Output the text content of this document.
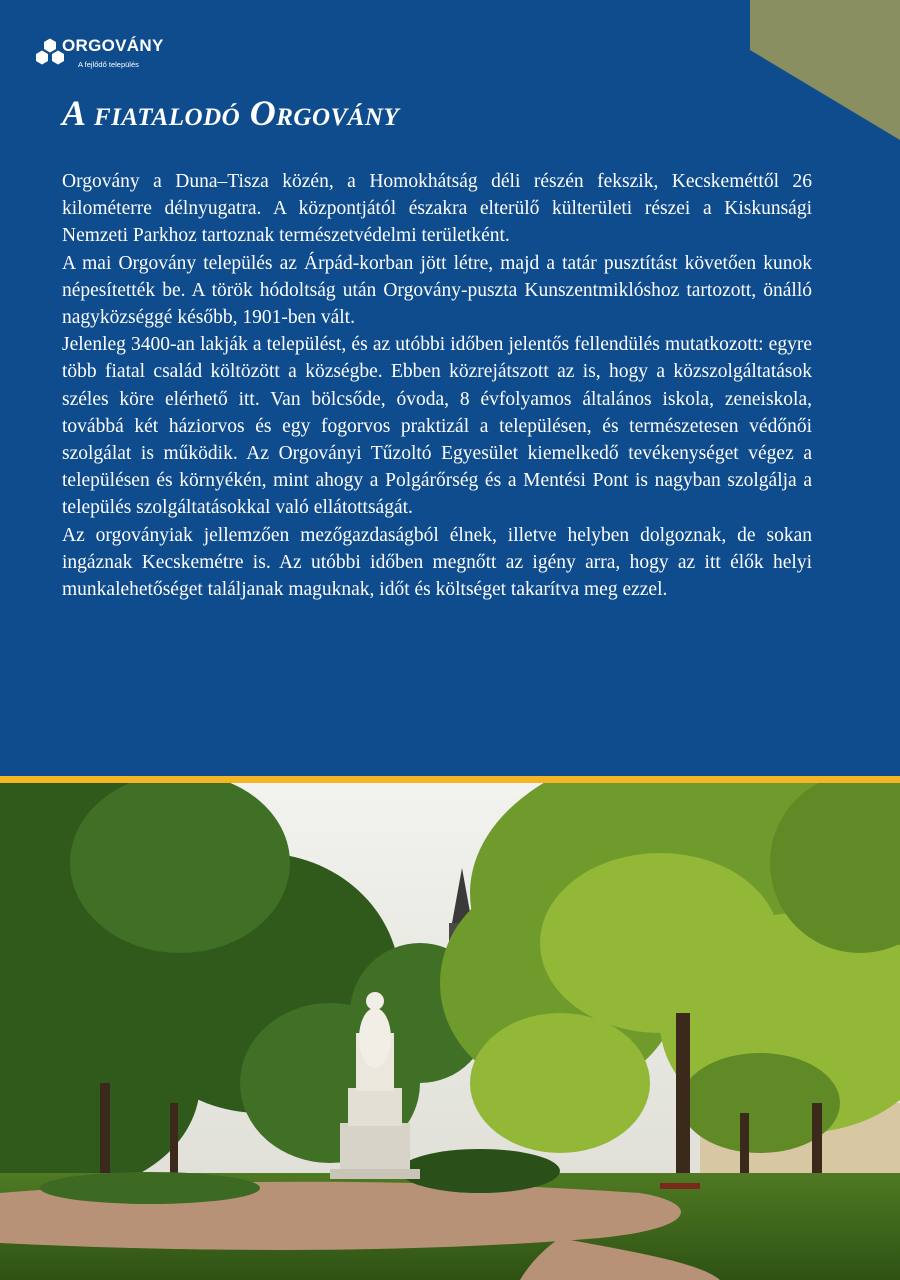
ORGOVÁNY
A fejlődő település
A fiatalodó Orgovány

Orgovány a Duna–Tisza közén, a Homokhátság déli részén fekszik, Kecskeméttől 26 kilométerre délnyugatra. A központjától északra elterülő külterületi részei a Kiskunsági Nemzeti Parkhoz tartoznak természetvédelmi területként.

A mai Orgovány település az Árpád-korban jött létre, majd a tatár pusztítást követően kunok népesítették be. A török hódoltság után Orgovány-puszta Kunszentmiklóshoz tartozott, önálló nagyközséggé később, 1901-ben vált.

Jelenleg 3400-an lakják a települést, és az utóbbi időben jelentős fellendülés mutatkozott: egyre több fiatal család költözött a községbe. Ebben közrejátszott az is, hogy a közszolgáltatások széles köre elérhető itt. Van bölcsőde, óvoda, 8 évfolyamos általános iskola, zeneiskola, továbbá két háziorvos és egy fogorvos praktizál a településen, és természetesen védőnői szolgálat is működik. Az Orgoványi Tűzoltó Egyesület kiemelkedő tevékenységet végez a településen és környékén, mint ahogy a Polgárőrség és a Mentési Pont is nagyban szolgálja a település szolgáltatásokkal való ellátottságát.

Az orgoványiak jellemzően mezőgazdaságból élnek, illetve helyben dolgoznak, de sokan ingáznak Kecskemétre is. Az utóbbi időben megnőtt az igény arra, hogy az itt élők helyi munkalehetőséget találjanak maguknak, időt és költséget takarítva meg ezzel.
